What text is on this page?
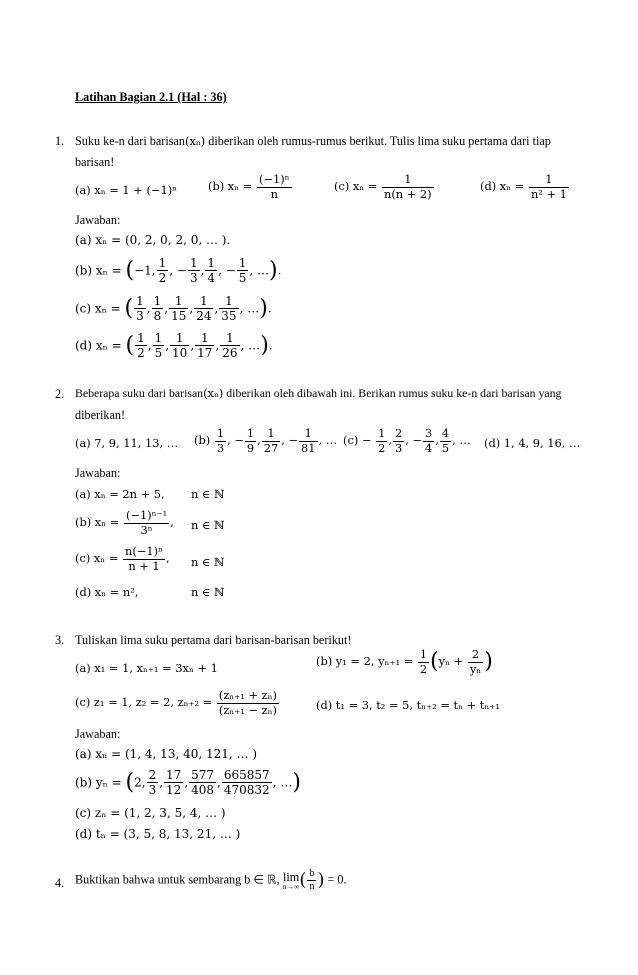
Latihan Bagian 2.1 (Hal : 36)
1. Suku ke-n dari barisan(xₙ) diberikan oleh rumus-rumus berikut. Tulis lima suku pertama dari tiap
barisan!
(a) xₙ = 1 + (−1)ⁿ	(b) $x_n = \frac{\text{(−1)ⁿ}}{n}$	(c) $x_n = \frac{1}{n(n + 2)}$	(d) $x_n = \frac{1}{\text{n² + 1}}$
Jawaban:
(a) xₙ = (0, 2, 0, 2, 0, … ).
(b) xₙ = (−1, $\frac{1}{2}$ , − $\frac{1}{3}$ , $\frac{1}{4}$ , − $\frac{1}{5}$ , …).
(c) xₙ = ( $\frac{1}{3}$ , $\frac{1}{8}$ , $\frac{1}{15}$ , $\frac{1}{24}$ , $\frac{1}{35}$ , …).
(d) xₙ = ( $\frac{1}{2}$ , $\frac{1}{5}$ , $\frac{1}{10}$ , $\frac{1}{17}$ , $\frac{1}{26}$ , …).
2. Beberapa suku dari barisan(xₙ) diberikan oleh dibawah ini. Berikan rumus suku ke-n dari barisan yang
diberikan!
(a) 7, 9, 11, 13, … $(b) \frac{1}{3}$ , − $\frac{1}{9}$ , $\frac{1}{27}$ , − $\frac{1}{81}$ , … $(c) - \frac{1}{2}$ , $\frac{2}{3}$ , − $\frac{3}{4}$ , $\frac{4}{5}$ , … (d) 1, 4, 9, 16, …
Jawaban:
(a) xₙ = 2n + 5, n ∈ ℕ
(b) $x_n = \frac{\text{(−1)ⁿ⁻¹}}{\text{3ⁿ}}$ , n ∈ ℕ
(c) $x_n = \frac{\text{n(−1)ⁿ}}{n + 1}$ , n ∈ ℕ
(d) xₙ = n²,	n ∈ ℕ
3. Tuliskan lima suku pertama dari barisan-barisan berikut!
(a) x₁ = 1, xₙ₊₁ = 3xₙ + 1	(b) y₁ = 2, $y_{n+1} = \frac{1}{2} (y_n + \frac{2}{\text{yₙ}}$ )
(c) z₁ = 1, z₂ = 2, $z_{n+2} = \frac{\text{(zₙ₊₁ + zₙ)}}{\text{(zₙ₊₁ − zₙ)}}$	(d) t₁ = 3, t₂ = 5, tₙ₊₂ = tₙ + tₙ₊₁
Jawaban:
(a) xₙ = (1, 4, 13, 40, 121, … )
(b) yₙ = (2, $\frac{2}{3}$ , $\frac{17}{12}$ , $\frac{577}{408}$ , $\frac{665857}{470832}$ , …)
(c) zₙ = (1, 2, 3, 5, 4, … )
(d) tₙ = (3, 5, 8, 13, 21, … )
4. Buktikan bahwa untuk sembarang b ∈ ℝ, lim
n→∞ ( $\frac{b}{n}$ ) = 0.
